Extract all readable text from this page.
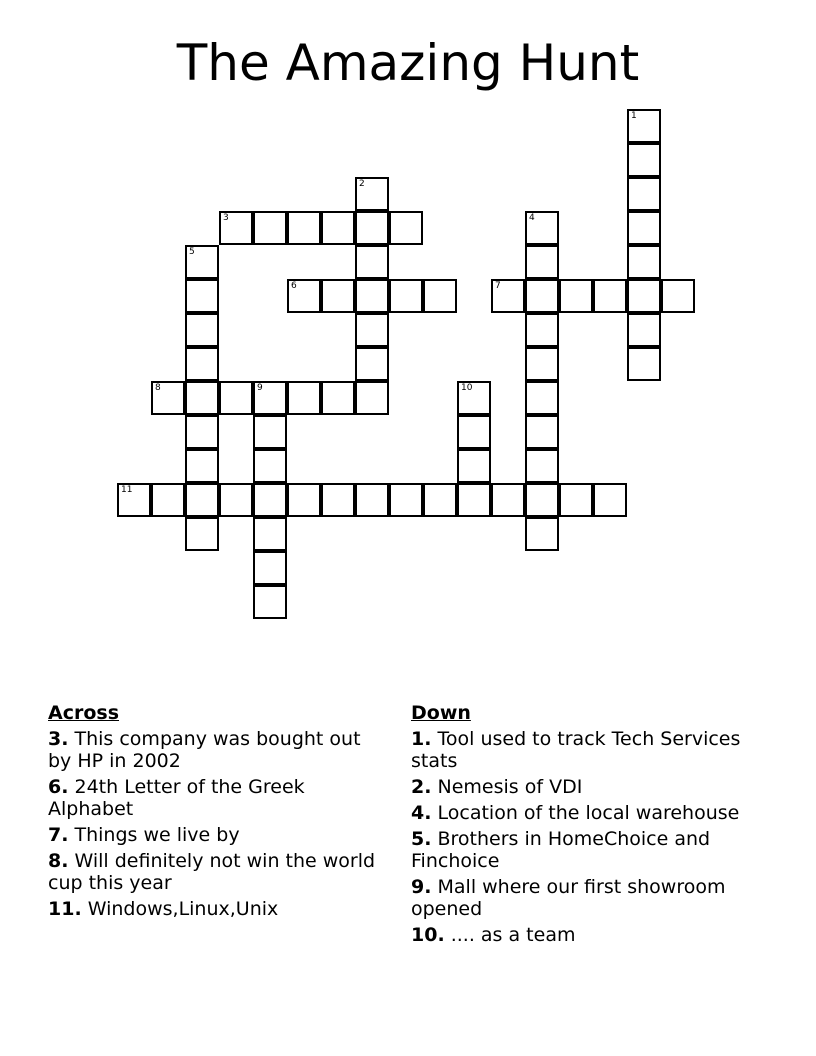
The Amazing Hunt
1
2
3	4
5
6	7
8	9	10
11
Across
3. This company was bought out by HP in 2002
6. 24th Letter of the Greek Alphabet
7. Things we live by
8. Will definitely not win the world cup this year
11. Windows,Linux,Unix
Down
1. Tool used to track Tech Services stats
2. Nemesis of VDI
4. Location of the local warehouse
5. Brothers in HomeChoice and Finchoice
9. Mall where our first showroom opened
10. .... as a team
